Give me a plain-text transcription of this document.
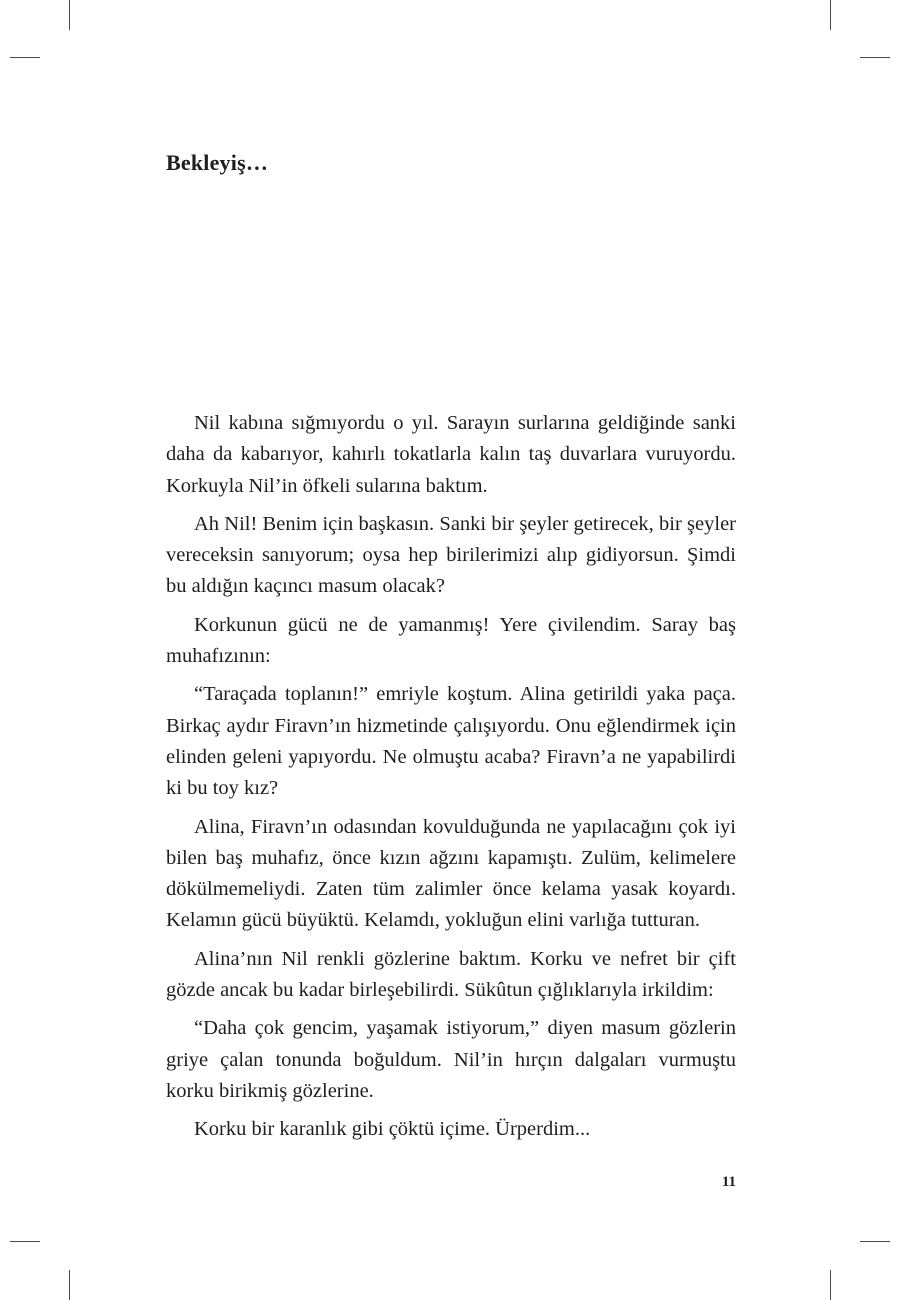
Bekleyiş…

Nil kabına sığmıyordu o yıl. Sarayın surlarına geldiğinde sanki daha da kabarıyor, kahırlı tokatlarla kalın taş duvarlara vuruyordu. Korkuyla Nil’in öfkeli sularına baktım.

Ah Nil! Benim için başkasın. Sanki bir şeyler getirecek, bir şeyler vereceksin sanıyorum; oysa hep birilerimizi alıp gidiyorsun. Şimdi bu aldığın kaçıncı masum olacak?

Korkunun gücü ne de yamanmış! Yere çivilendim. Saray baş muhafızının:

“Taraçada toplanın!” emriyle koştum. Alina getirildi yaka paça. Birkaç aydır Firavn’ın hizmetinde çalışıyordu. Onu eğlendirmek için elinden geleni yapıyordu. Ne olmuştu acaba? Firavn’a ne yapabilirdi ki bu toy kız?

Alina, Firavn’ın odasından kovulduğunda ne yapılacağını çok iyi bilen baş muhafız, önce kızın ağzını kapamıştı. Zulüm, kelimelere dökülmemeliydi. Zaten tüm zalimler önce kelama yasak koyardı. Kelamın gücü büyüktü. Kelamdı, yokluğun elini varlığa tutturan.

Alina’nın Nil renkli gözlerine baktım. Korku ve nefret bir çift gözde ancak bu kadar birleşebilirdi. Sükûtun çığlıklarıyla irkildim:

“Daha çok gencim, yaşamak istiyorum,” diyen masum gözlerin griye çalan tonunda boğuldum. Nil’in hırçın dalgaları vurmuştu korku birikmiş gözlerine.

Korku bir karanlık gibi çöktü içime. Ürperdim...

11
